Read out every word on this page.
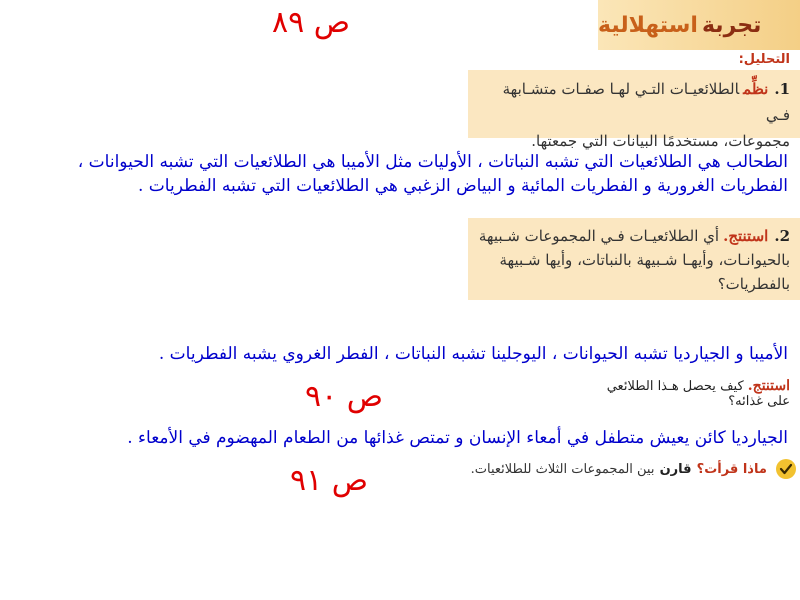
ص ٨٩	تجربة
استهلالية
التحليل:
1.نظِّمالطلائعيـات التـي لهـا صفـات متشـابهة فـي
مجموعات، مستخدمًا البيانات التي جمعتها.
الطحالب هي الطلائعيات التي تشبه النباتات ، الأوليات مثل الأميبا هي الطلائعيات التي تشبه الحيوانات ،
الفطريات الغرورية و الفطريات المائية و البياض الزغبي هي الطلائعيات التي تشبه الفطريات .
2.استنتج.أي الطلائعيـات فـي المجموعات شـبيهة
بالحيوانـات، وأيهـا شـبيهة بالنباتات، وأيها شـبيهة
بالفطريات؟
الأميبا و الجيارديا تشبه الحيوانات ، اليوجلينا تشبه النباتات ، الفطر الغروي يشبه الفطريات .
ص ٩٠	استنتج. كيف يحصل هـذا الطلائعي
على غذائه؟
الجيارديا كائن يعيش متطفل في أمعاء الإنسان و تمتص غذائها من الطعام المهضوم في الأمعاء .
ص ٩١	ماذا قرأت؟ قارن بين المجموعات الثلاث للطلائعيات.
